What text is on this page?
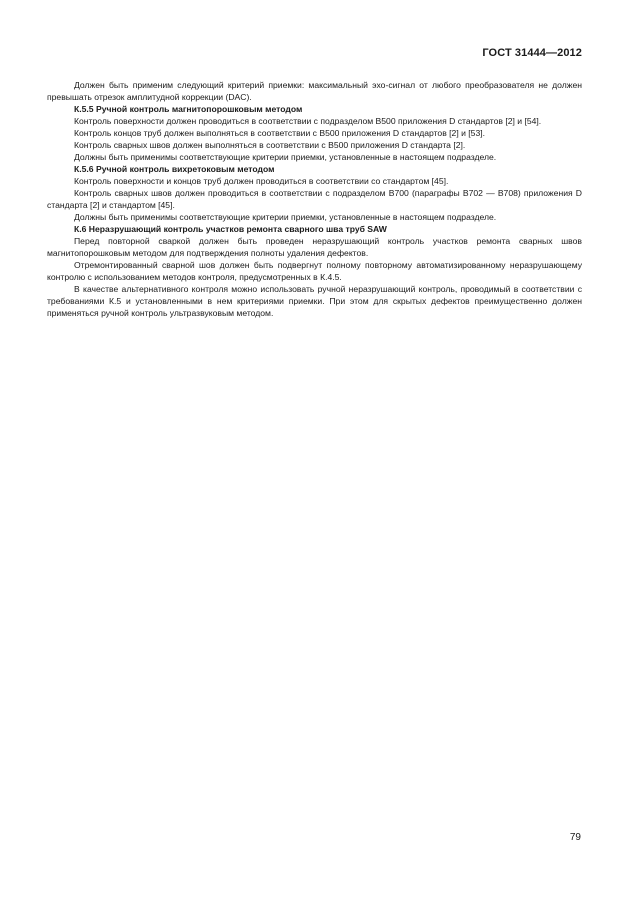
ГОСТ 31444—2012

Должен быть применим следующий критерий приемки: максимальный эхо-сигнал от любого преобразователя не должен превышать отрезок амплитудной коррекции (DAC).

К.5.5 Ручной контроль магнитопорошковым методом

Контроль поверхности должен проводиться в соответствии с подразделом В500 приложения D стандартов [2] и [54].

Контроль концов труб должен выполняться в соответствии с В500 приложения D стандартов [2] и [53].

Контроль сварных швов должен выполняться в соответствии с В500 приложения D стандарта [2].

Должны быть применимы соответствующие критерии приемки, установленные в настоящем подразделе.

К.5.6 Ручной контроль вихретоковым методом

Контроль поверхности и концов труб должен проводиться в соответствии со стандартом [45].

Контроль сварных швов должен проводиться в соответствии с подразделом В700 (параграфы В702 — В708) приложения D стандарта [2] и стандартом [45].

Должны быть применимы соответствующие критерии приемки, установленные в настоящем подразделе.

К.6 Неразрушающий контроль участков ремонта сварного шва труб SAW

Перед повторной сваркой должен быть проведен неразрушающий контроль участков ремонта сварных швов магнитопорошковым методом для подтверждения полноты удаления дефектов.

Отремонтированный сварной шов должен быть подвергнут полному повторному автоматизированному неразрушающему контролю с использованием методов контроля, предусмотренных в К.4.5.

В качестве альтернативного контроля можно использовать ручной неразрушающий контроль, проводимый в соответствии с требованиями К.5 и установленными в нем критериями приемки. При этом для скрытых дефектов преимущественно должен применяться ручной контроль ультразвуковым методом.

79
